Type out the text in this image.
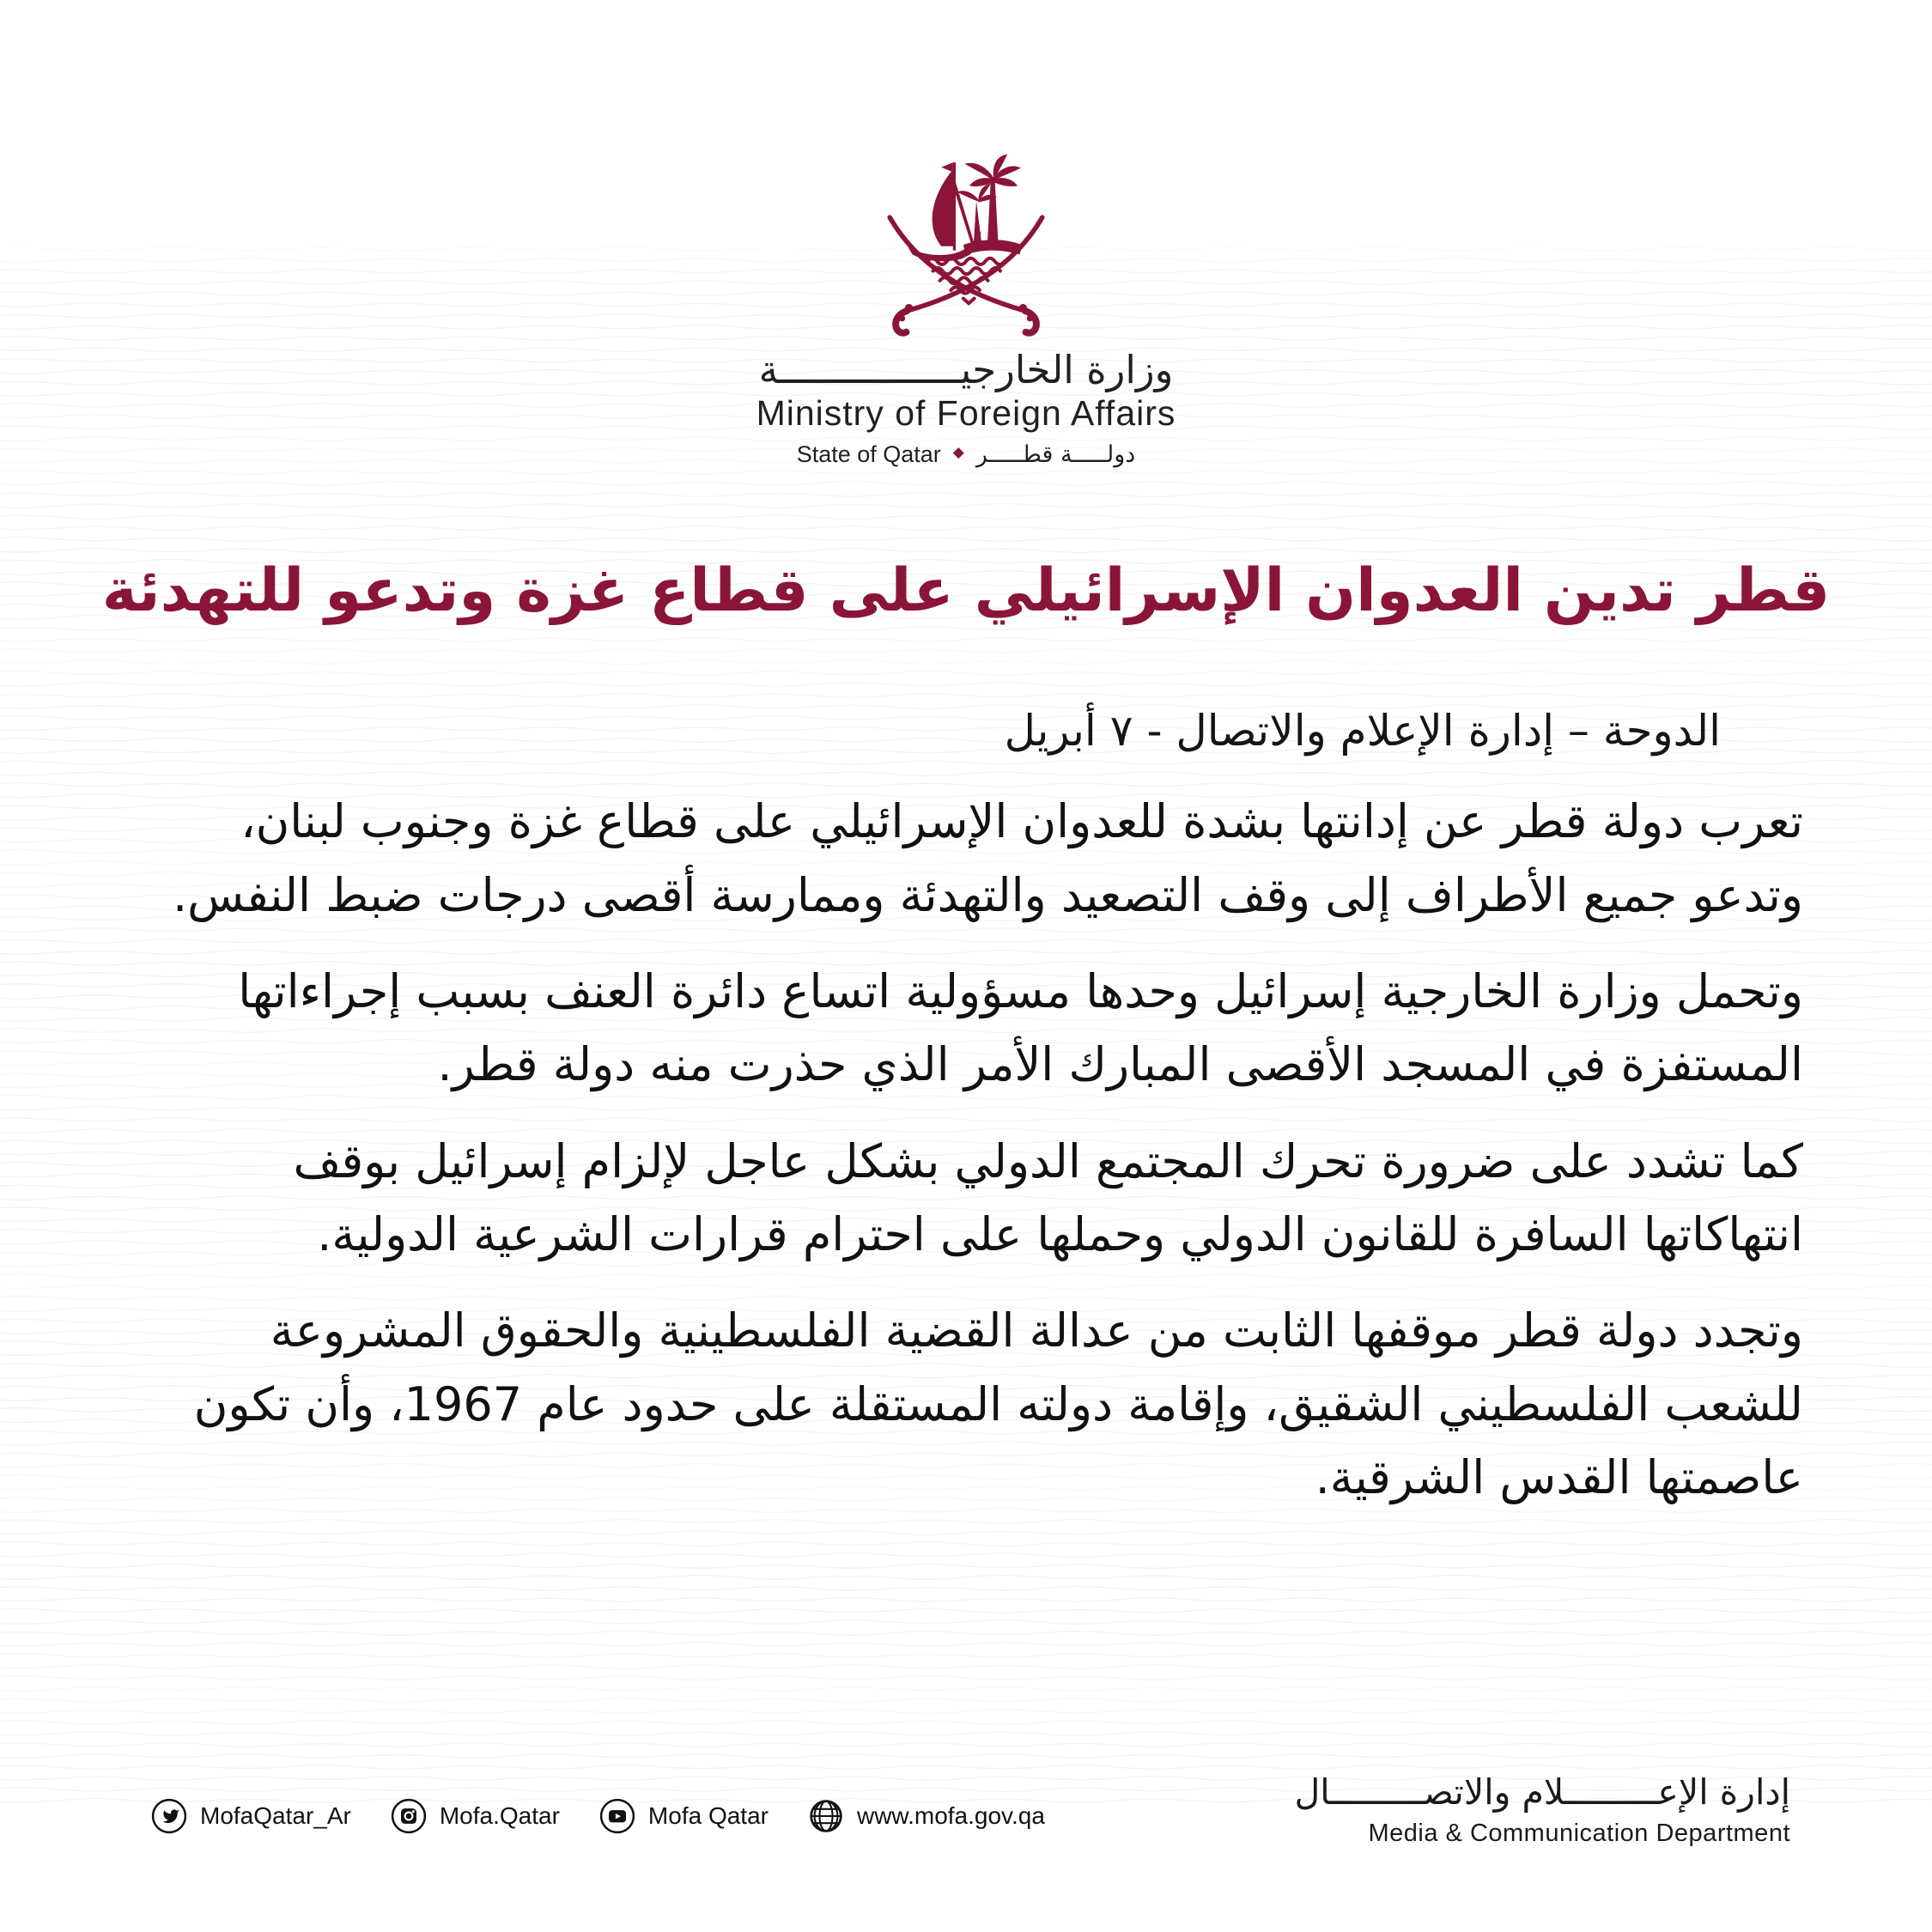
وزارة الخارجيــــــــــــــــة
Ministry of Foreign Affairs
State of Qatar ◆ دولـــــة قطـــــر
قطر تدين العدوان الإسرائيلي على قطاع غزة وتدعو للتهدئة
الدوحة – إدارة الإعلام والاتصال - ٧ أبريل

تعرب دولة قطر عن إدانتها بشدة للعدوان الإسرائيلي على قطاع غزة وجنوب لبنان، وتدعو جميع الأطراف إلى وقف التصعيد والتهدئة وممارسة أقصى درجات ضبط النفس.

وتحمل وزارة الخارجية إسرائيل وحدها مسؤولية اتساع دائرة العنف بسبب إجراءاتها المستفزة في المسجد الأقصى المبارك الأمر الذي حذرت منه دولة قطر.

كما تشدد على ضرورة تحرك المجتمع الدولي بشكل عاجل لإلزام إسرائيل بوقف انتهاكاتها السافرة للقانون الدولي وحملها على احترام قرارات الشرعية الدولية.

وتجدد دولة قطر موقفها الثابت من عدالة القضية الفلسطينية والحقوق المشروعة للشعب الفلسطيني الشقيق، وإقامة دولته المستقلة على حدود عام 1967، وأن تكون عاصمتها القدس الشرقية.

MofaQatar_Ar	Mofa.Qatar	Mofa Qatar	www.mofa.gov.qa
إدارة الإعـــــــــلام والاتصـــــــــال
Media & Communication Department
